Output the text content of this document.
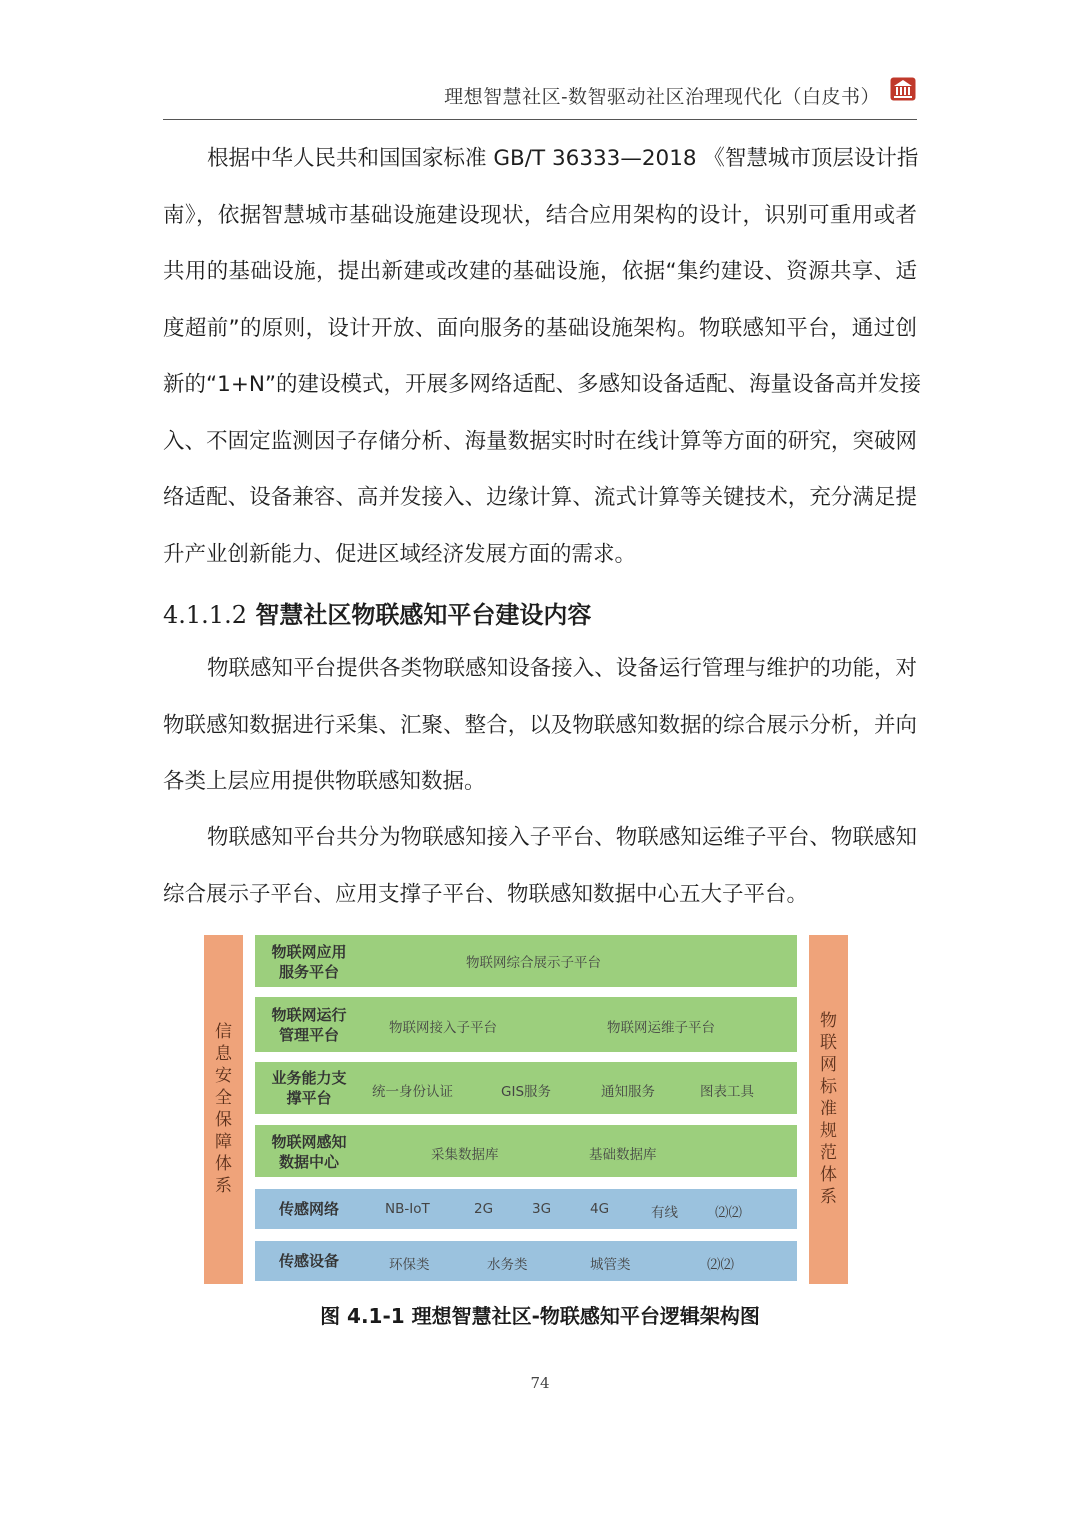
理想智慧社区-数智驱动社区治理现代化（白皮书）
根据中华人民共和国国家标准 GB/T 36333—2018 《智慧城市顶层设计指
南》，依据智慧城市基础设施建设现状，结合应用架构的设计，识别可重用或者
共用的基础设施，提出新建或改建的基础设施，依据“集约建设、资源共享、适
度超前”的原则，设计开放、面向服务的基础设施架构。物联感知平台，通过创
新的“1+N”的建设模式，开展多网络适配、多感知设备适配、海量设备高并发接
入、不固定监测因子存储分析、海量数据实时时在线计算等方面的研究，突破网
络适配、设备兼容、高并发接入、边缘计算、流式计算等关键技术，充分满足提
升产业创新能力、促进区域经济发展方面的需求。
4.1.1.2 智慧社区物联感知平台建设内容
物联感知平台提供各类物联感知设备接入、设备运行管理与维护的功能，对
物联感知数据进行采集、汇聚、整合，以及物联感知数据的综合展示分析，并向
各类上层应用提供物联感知数据。
物联感知平台共分为物联感知接入子平台、物联感知运维子平台、物联感知
综合展示子平台、应用支撑子平台、物联感知数据中心五大子平台。
信
息
安
全
保
障
体
系
物
联
网
标
准
规
范
体
系
物联网应用
服务平台	物联网综合展示子平台
物联网运行
管理平台	物联网接入子平台	物联网运维子平台
业务能力支
撑平台	统一身份认证	GIS服务	通知服务	图表工具
物联网感知
数据中心	采集数据库	基础数据库
传感网络	NB-IoT	2G	3G	4G	有线	⑵⑵
传感设备	环保类	水务类	城管类	⑵⑵

图 4.1-1 理想智慧社区-物联感知平台逻辑架构图

74
